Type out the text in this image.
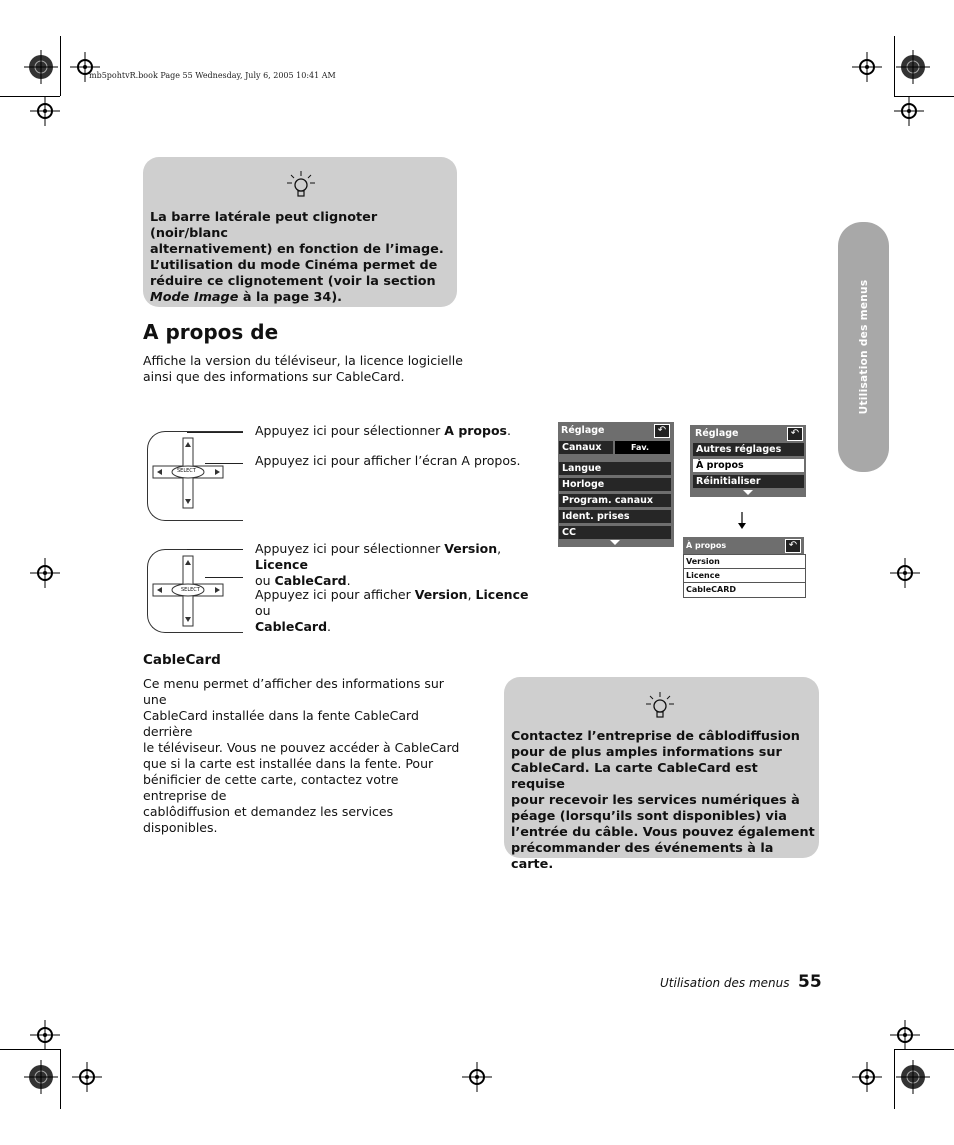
mb5pohtvR.book Page 55 Wednesday, July 6, 2005 10:41 AM

La barre latérale peut clignoter (noir/blanc

alternativement) en fonction de l’image.

L’utilisation du mode Cinéma permet de

réduire ce clignotement (voir la section

Mode Image à la page 34).	Utilisation des menus
A propos de
Affiche la version du téléviseur, la licence logicielle
ainsi que des informations sur CableCard.
SELECT
Appuyez ici pour sélectionner A propos.
Appuyez ici pour afficher l’écran A propos.
SELECT
Appuyez ici pour sélectionner Version, Licence
ou CableCard.
Appuyez ici pour afficher Version, Licence ou
CableCard.
Réglage	↶
Canaux	Fav.
Langue
Horloge
Program. canaux
Ident. prises
CC
Réglage	↶
Autres réglages
À propos
Réinitialiser
À propos	↶
Version
Licence
CableCARD
CableCard
Ce menu permet d’afficher des informations sur une
CableCard installée dans la fente CableCard derrière
le téléviseur. Vous ne pouvez accéder à CableCard
que si la carte est installée dans la fente. Pour
bénificier de cette carte, contactez votre entreprise de
cablôdiffusion et demandez les services disponibles.

Contactez l’entreprise de câblodiffusion

pour de plus amples informations sur

CableCard. La carte CableCard est requise

pour recevoir les services numériques à

péage (lorsqu’ils sont disponibles) via

l’entrée du câble. Vous pouvez également

précommander des événements à la carte.

Utilisation des menus 55
